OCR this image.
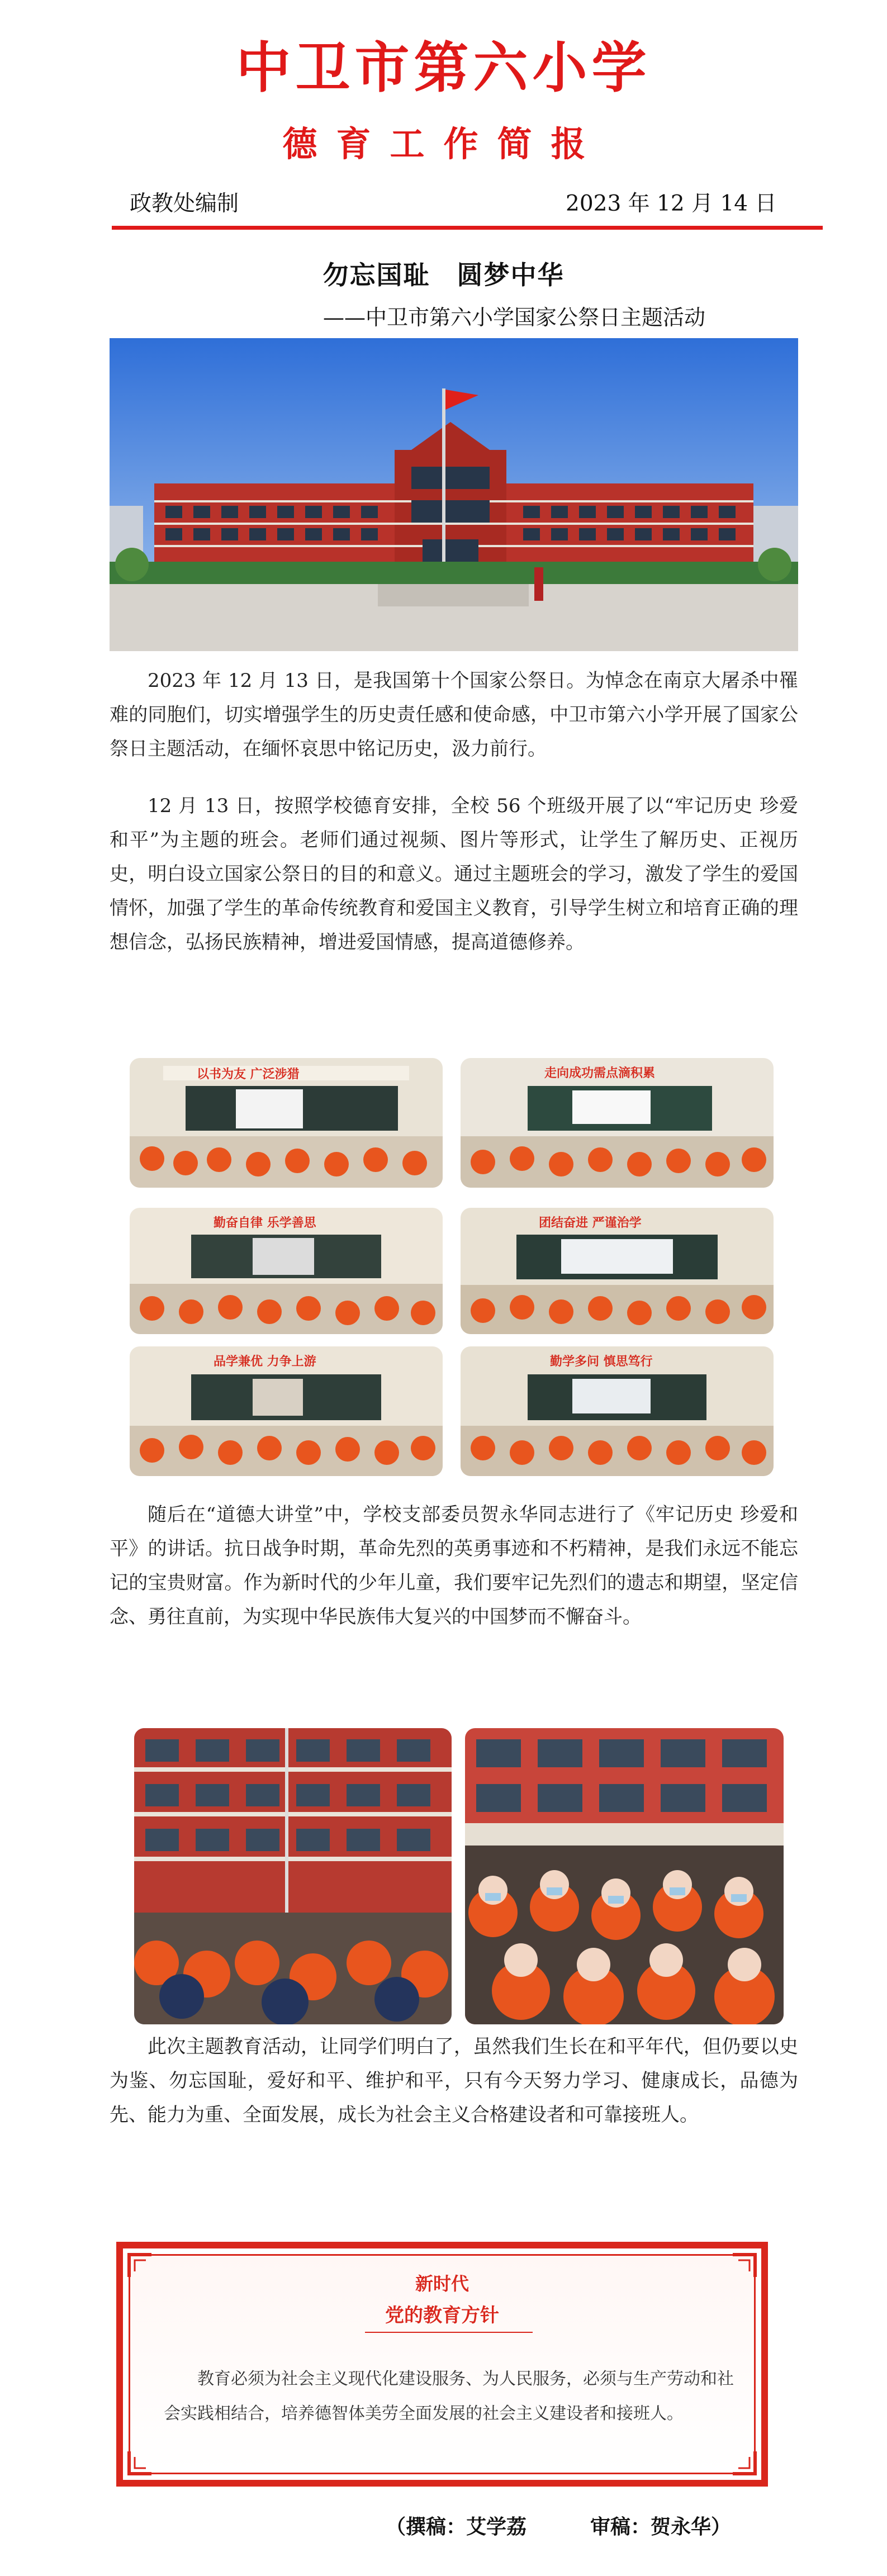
中卫市第六小学
德育工作简报
政教处编制	2023 年 12 月 14 日
勿忘国耻　圆梦中华
——中卫市第六小学国家公祭日主题活动

2023 年 12 月 13 日，是我国第十个国家公祭日。为悼念在南京大屠杀中罹难的同胞们，切实增强学生的历史责任感和使命感，中卫市第六小学开展了国家公祭日主题活动，在缅怀哀思中铭记历史，汲力前行。

12 月 13 日，按照学校德育安排，全校 56 个班级开展了以“牢记历史 珍爱和平”为主题的班会。老师们通过视频、图片等形式，让学生了解历史、正视历史，明白设立国家公祭日的目的和意义。通过主题班会的学习，激发了学生的爱国情怀，加强了学生的革命传统教育和爱国主义教育，引导学生树立和培育正确的理想信念，弘扬民族精神，增进爱国情感，提高道德修养。

以书为友 广泛涉猎	走向成功需点滴积累
勤奋自律 乐学善思	团结奋进 严谨治学
品学兼优 力争上游	勤学多问 慎思笃行

随后在“道德大讲堂”中，学校支部委员贺永华同志进行了《牢记历史 珍爱和平》的讲话。抗日战争时期，革命先烈的英勇事迹和不朽精神，是我们永远不能忘记的宝贵财富。作为新时代的少年儿童，我们要牢记先烈们的遗志和期望，坚定信念、勇往直前，为实现中华民族伟大复兴的中国梦而不懈奋斗。

此次主题教育活动，让同学们明白了，虽然我们生长在和平年代，但仍要以史为鉴、勿忘国耻，爱好和平、维护和平，只有今天努力学习、健康成长，品德为先、能力为重、全面发展，成长为社会主义合格建设者和可靠接班人。

新时代
党的教育方针

教育必须为社会主义现代化建设服务、为人民服务，必须与生产劳动和社会实践相结合，培养德智体美劳全面发展的社会主义建设者和接班人。

（撰稿：艾学荔	审稿：贺永华）
